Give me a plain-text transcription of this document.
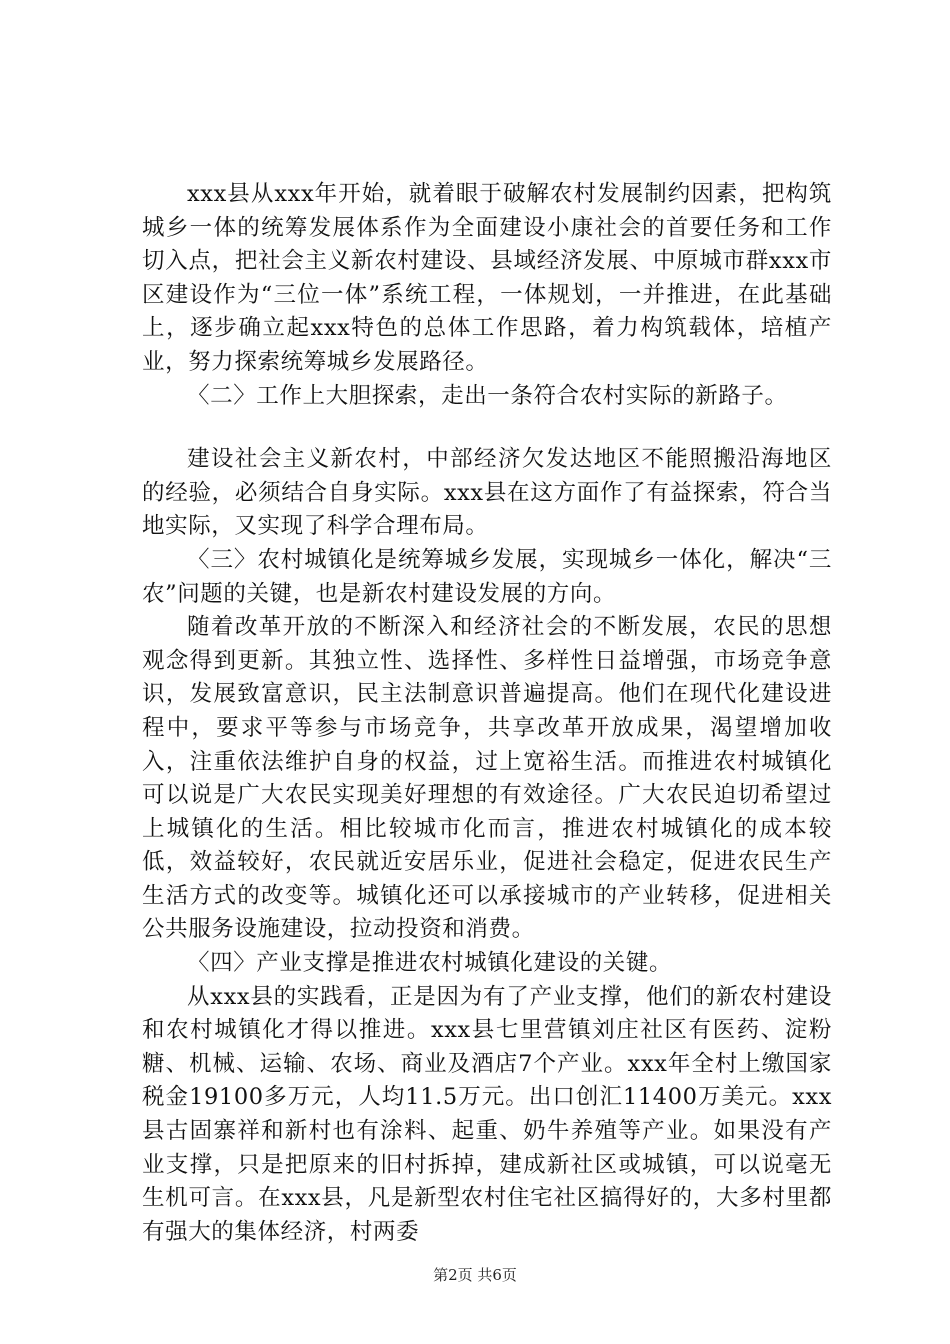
xxx县从xxx年开始，就着眼于破解农村发展制约因素，把构筑城乡一体的统筹发展体系作为全面建设小康社会的首要任务和工作切入点，把社会主义新农村建设、县域经济发展、中原城市群xxx市区建设作为“三位一体”系统工程，一体规划，一并推进，在此基础上，逐步确立起xxx特色的总体工作思路，着力构筑载体，培植产业，努力探索统筹城乡发展路径。

〈二〉工作上大胆探索，走出一条符合农村实际的新路子。

建设社会主义新农村，中部经济欠发达地区不能照搬沿海地区的经验，必须结合自身实际。xxx县在这方面作了有益探索，符合当地实际，又实现了科学合理布局。

〈三〉农村城镇化是统筹城乡发展，实现城乡一体化，解决“三农”问题的关键，也是新农村建设发展的方向。

随着改革开放的不断深入和经济社会的不断发展，农民的思想观念得到更新。其独立性、选择性、多样性日益增强，市场竞争意识，发展致富意识，民主法制意识普遍提高。他们在现代化建设进程中，要求平等参与市场竞争，共享改革开放成果，渴望增加收入，注重依法维护自身的权益，过上宽裕生活。而推进农村城镇化可以说是广大农民实现美好理想的有效途径。广大农民迫切希望过上城镇化的生活。相比较城市化而言，推进农村城镇化的成本较低，效益较好，农民就近安居乐业，促进社会稳定，促进农民生产生活方式的改变等。城镇化还可以承接城市的产业转移，促进相关公共服务设施建设，拉动投资和消费。

〈四〉产业支撑是推进农村城镇化建设的关键。

从xxx县的实践看，正是因为有了产业支撑，他们的新农村建设和农村城镇化才得以推进。xxx县七里营镇刘庄社区有医药、淀粉糖、机械、运输、农场、商业及酒店7个产业。xxx年全村上缴国家税金19100多万元，人均11.5万元。出口创汇11400万美元。xxx县古固寨祥和新村也有涂料、起重、奶牛养殖等产业。如果没有产业支撑，只是把原来的旧村拆掉，建成新社区或城镇，可以说毫无生机可言。在xxx县，凡是新型农村住宅社区搞得好的，大多村里都有强大的集体经济，村两委

第2页 共6页
